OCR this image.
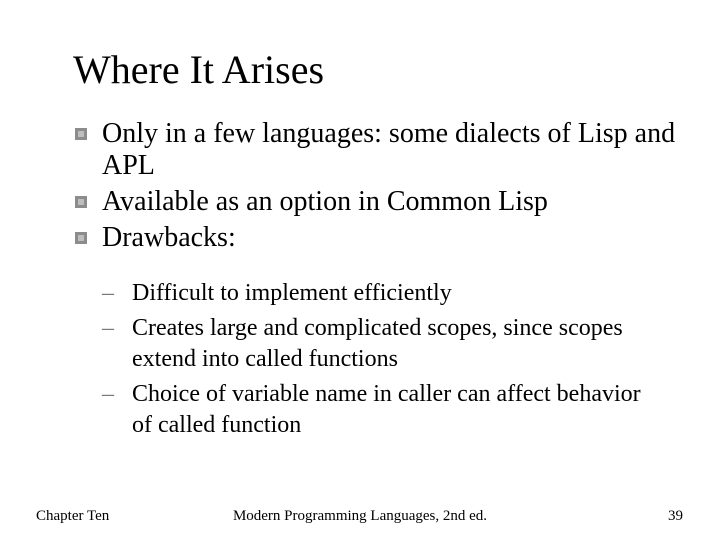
Where It Arises
Only in a few languages: some dialects of Lisp and APL
Available as an option in Common Lisp
Drawbacks:
– Difficult to implement efficiently
– Creates large and complicated scopes, since scopes extend into called functions
– Choice of variable name in caller can affect behavior of called function
Chapter Ten	Modern Programming Languages, 2nd ed.	39
